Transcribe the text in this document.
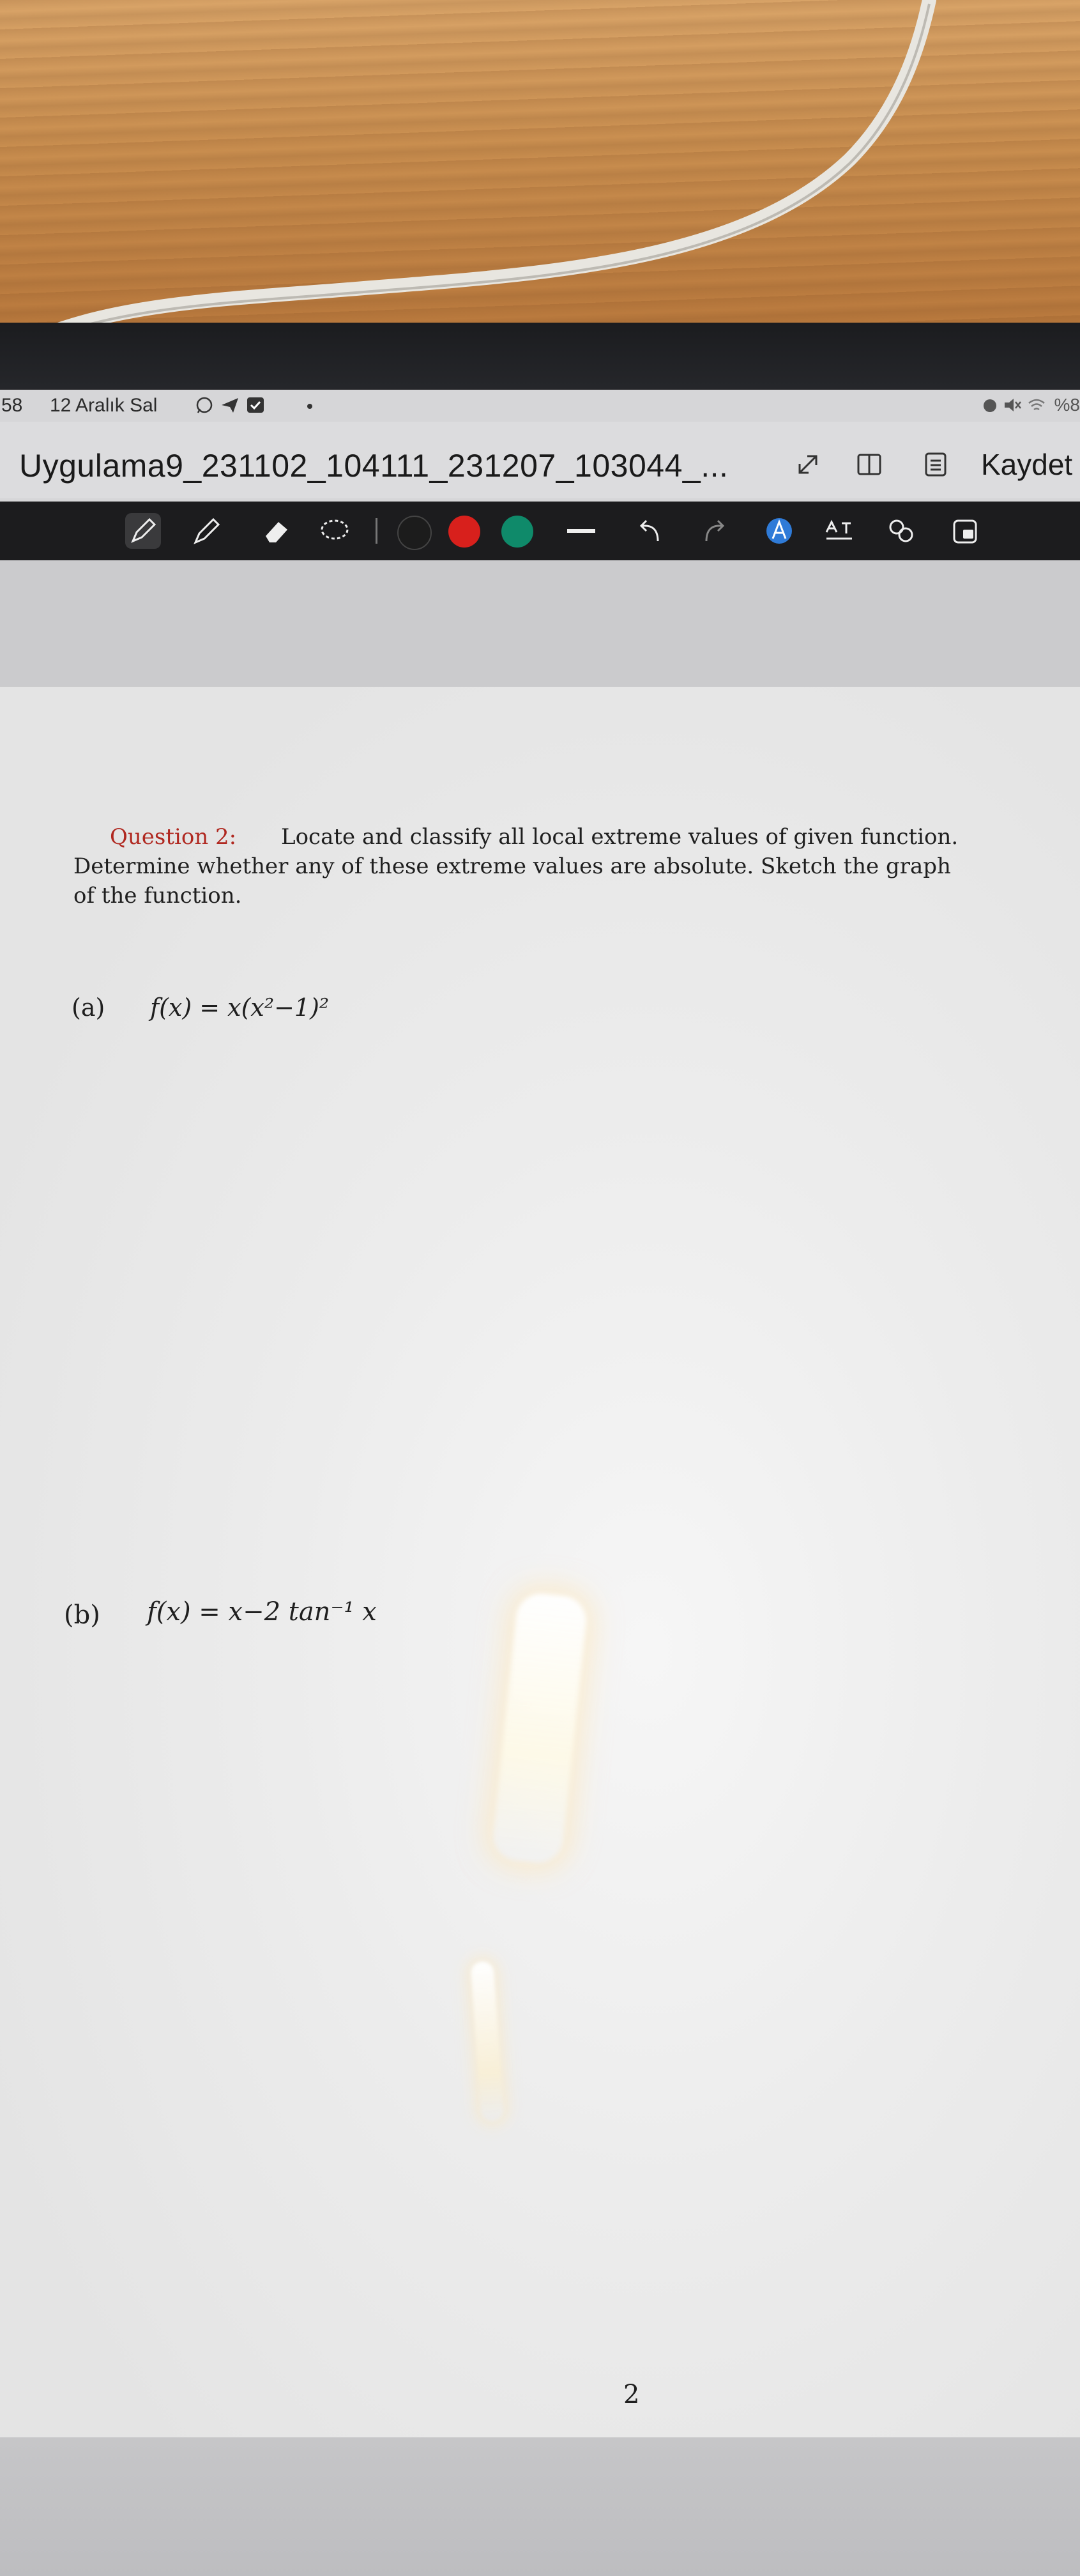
58 12 Aralık Sal	%8
Uygulama9_231102_104111_231207_103044_...	Kaydet
Question 2: Locate and classify all local extreme values of given function.
Determine whether any of these extreme values are absolute. Sketch the graph
of the function.
(a) f(x) = x(x²−1)²
(b) f(x) = x−2 tan⁻¹ x
2
